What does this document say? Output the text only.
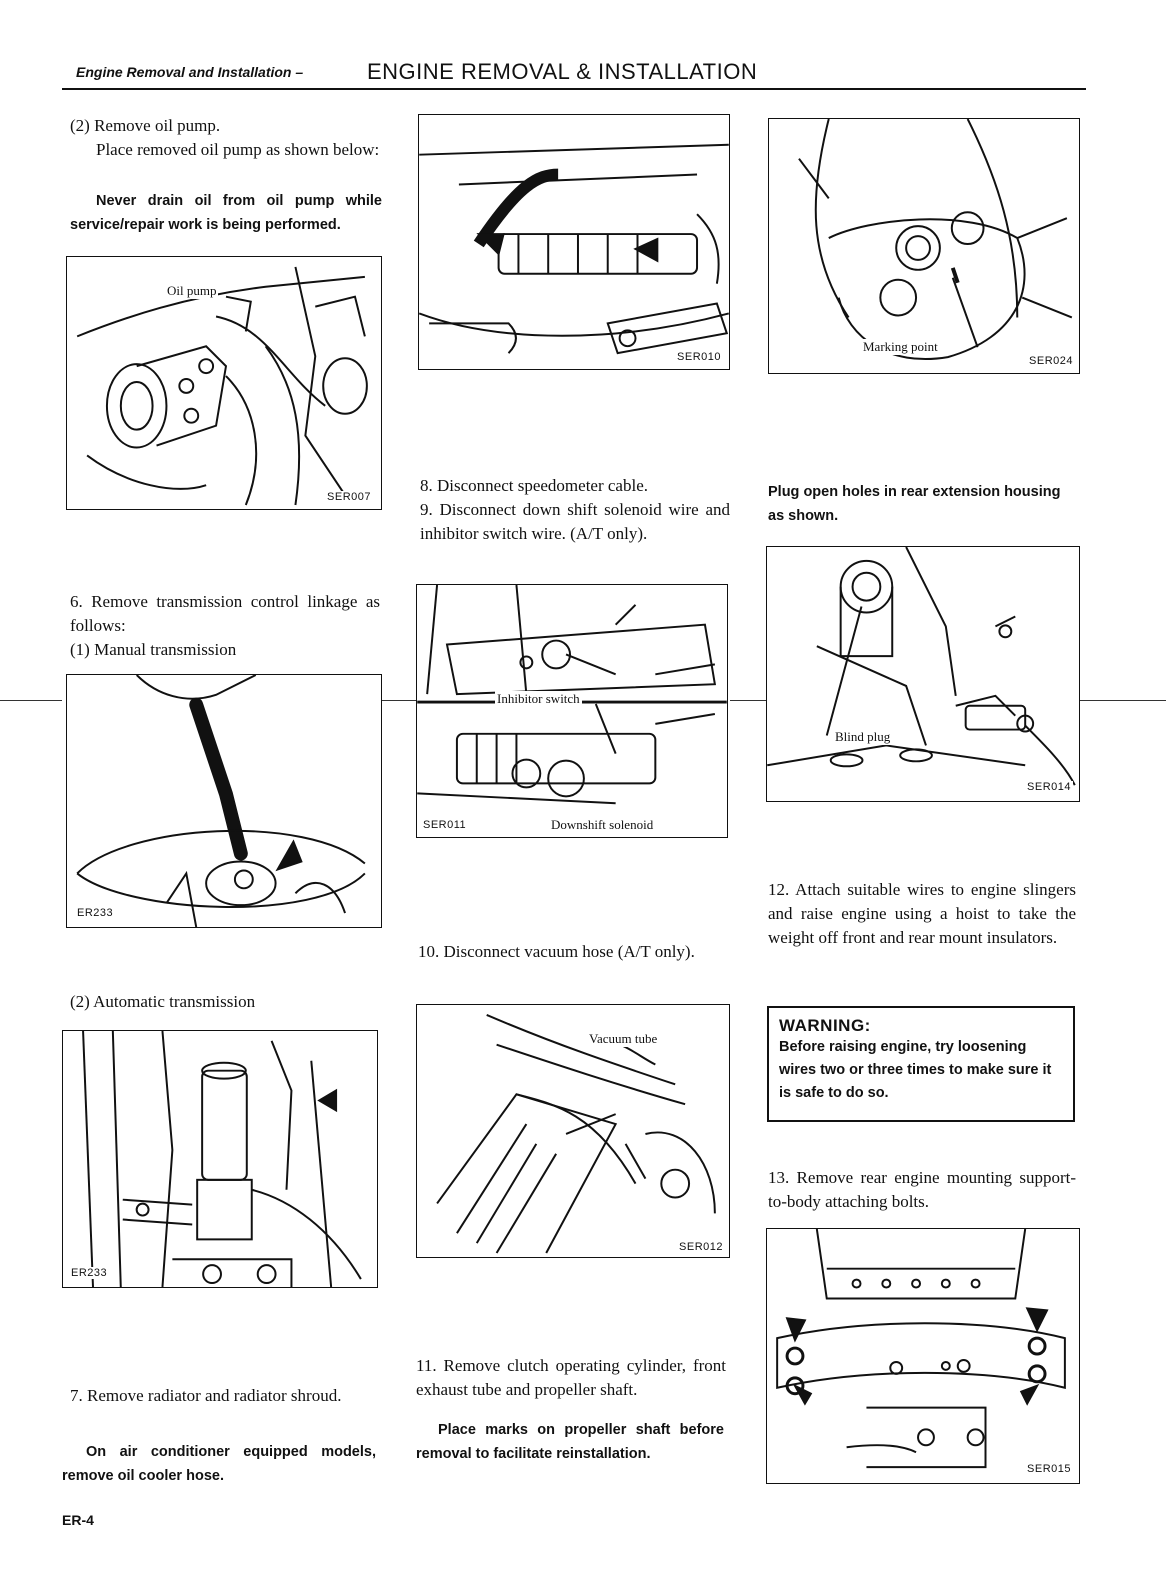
Engine Removal and Installation –	ENGINE REMOVAL & INSTALLATION
(2) Remove oil pump.
Place removed oil pump as shown below:
Never drain oil from oil pump while service/repair work is being performed.
Oil pump
SER007
6. Remove transmission control linkage as follows:
(1) Manual transmission
ER233
(2) Automatic transmission
ER233
7. Remove radiator and radiator shroud.
On air conditioner equipped models, remove oil cooler hose.
SER010
8. Disconnect speedometer cable.
9. Disconnect down shift solenoid wire and inhibitor switch wire. (A/T only).
Inhibitor switch
Downshift solenoid
SER011
10. Disconnect vacuum hose (A/T only).
Vacuum tube
SER012
11. Remove clutch operating cylinder, front exhaust tube and propeller shaft.
Place marks on propeller shaft before removal to facilitate reinstallation.
Marking point
SER024
Plug open holes in rear extension housing as shown.
Blind plug
SER014
12. Attach suitable wires to engine slingers and raise engine using a hoist to take the weight off front and rear mount insulators.
WARNING:
Before raising engine, try loosening wires two or three times to make sure it is safe to do so.
13. Remove rear engine mounting support-to-body attaching bolts.
SER015
ER-4
